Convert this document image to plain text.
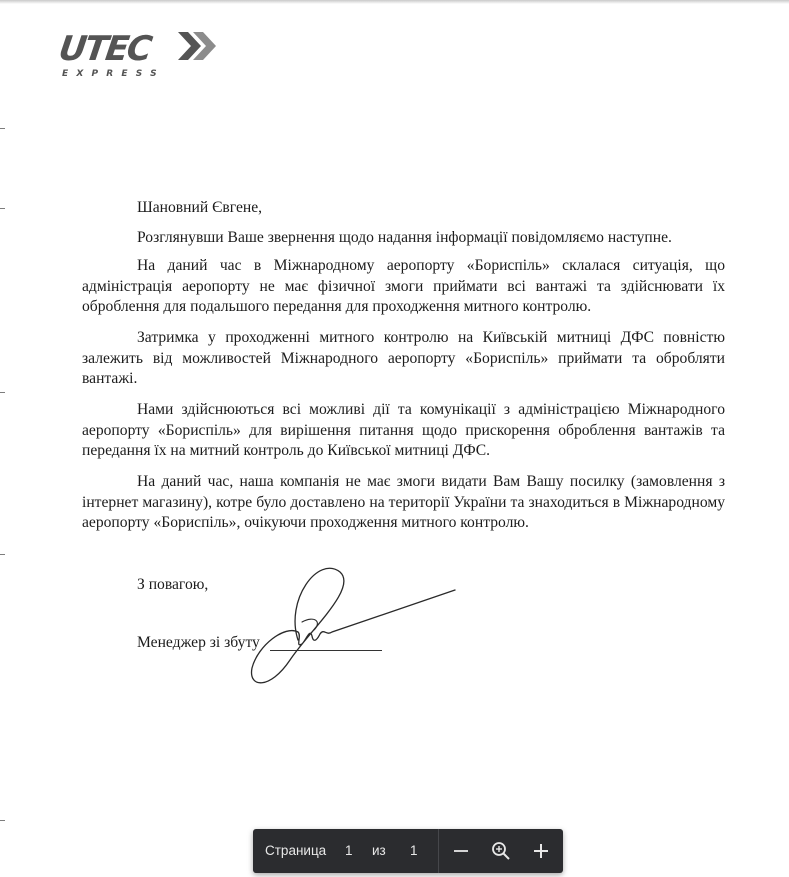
UTEC
EXPRESS
Шановний Євгене,
Розглянувши Ваше звернення щодо надання інформації повідомляємо наступне.
На даний час в Міжнародному аеропорту «Бориспіль» склалася ситуація, що адміністрація аеропорту не має фізичної змоги приймати всі вантажі та здійснювати їх оброблення для подальшого передання для проходження митного контролю.
Затримка у проходженні митного контролю на Київській митниці ДФС повністю залежить від можливостей Міжнародного аеропорту «Бориспіль» приймати та обробляти вантажі.
Нами здійснюються всі можливі дії та комунікації з адміністрацією Міжнародного аеропорту «Бориспіль» для вирішення питання щодо прискорення оброблення вантажів та передання їх на митний контроль до Київської митниці ДФС.
На даний час, наша компанія не має змоги видати Вам Вашу посилку (замовлення з інтернет магазину), котре було доставлено на території України та знаходиться в Міжнародному аеропорту «Бориспіль», очікуючи проходження митного контролю.
З повагою,
Менеджер зі збуту
Страница 1 из 1
